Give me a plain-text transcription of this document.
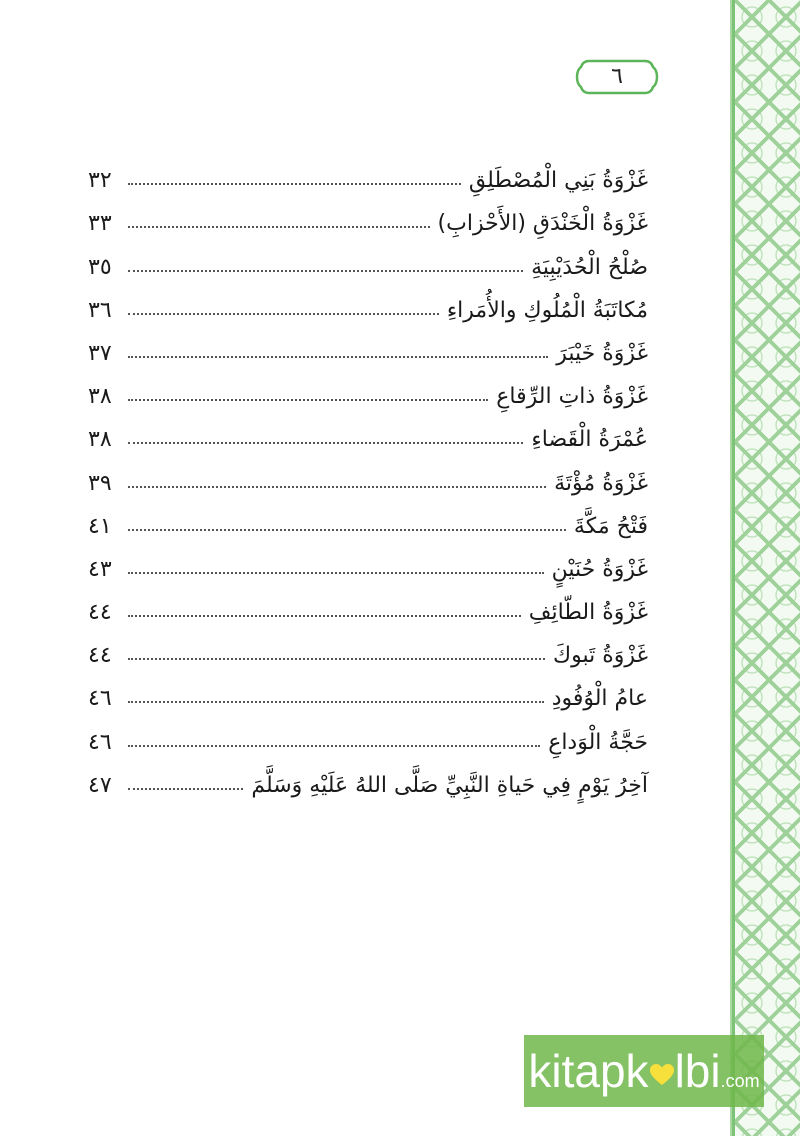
٦
غَزْوَةُ بَنِي الْمُصْطَلِقِ
٣٢
غَزْوَةُ الْخَنْدَقِ (الأَحْزابِ)
٣٣
صُلْحُ الْحُدَيْبِيَةِ
٣٥
مُكاتَبَةُ الْمُلُوكِ والأُمَراءِ
٣٦
غَزْوَةُ خَيْبَرَ
٣٧
غَزْوَةُ ذاتِ الرِّقاعِ
٣٨
عُمْرَةُ الْقَضاءِ
٣٨
غَزْوَةُ مُؤْتَةَ
٣٩
فَتْحُ مَكَّةَ
٤١
غَزْوَةُ حُنَيْنٍ
٤٣
غَزْوَةُ الطّائِفِ
٤٤
غَزْوَةُ تَبوكَ
٤٤
عامُ الْوُفُودِ
٤٦
حَجَّةُ الْوَداعِ
٤٦
آخِرُ يَوْمٍ فِي حَياةِ النَّبِيِّ صَلَّى اللهُ عَلَيْهِ وَسَلَّمَ
٤٧
kitapk lbi.com
